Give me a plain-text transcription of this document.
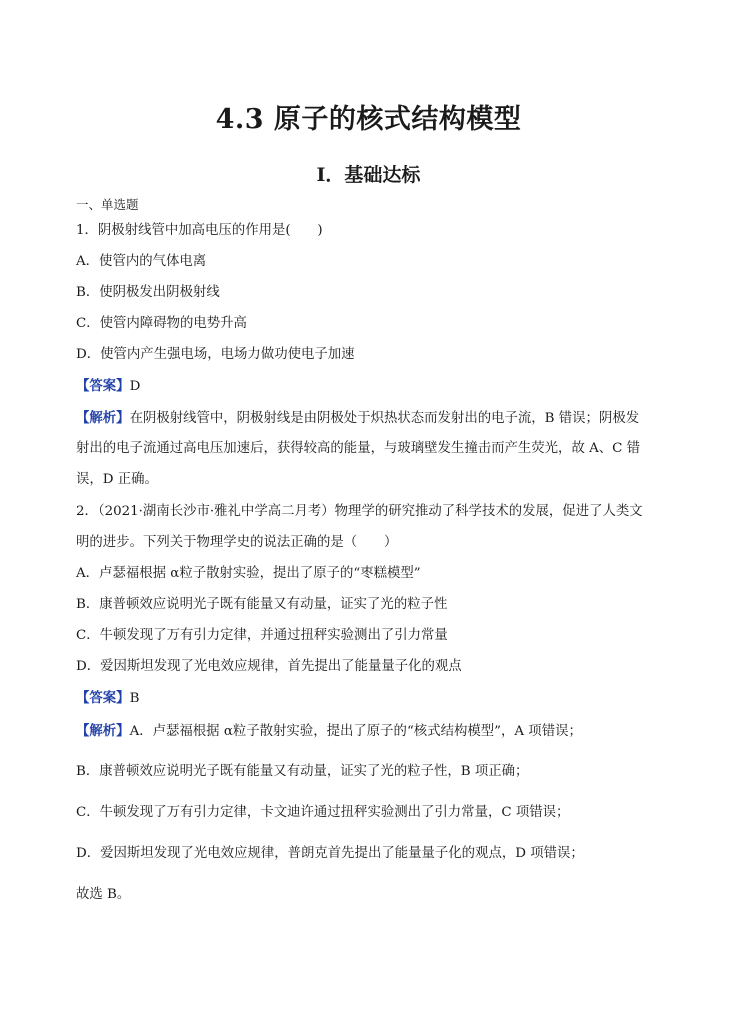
4.3 原子的核式结构模型
Ⅰ．基础达标
一、单选题
1．阴极射线管中加高电压的作用是(　　)
A．使管内的气体电离
B．使阴极发出阴极射线
C．使管内障碍物的电势升高
D．使管内产生强电场，电场力做功使电子加速
【答案】D
【解析】在阴极射线管中，阴极射线是由阴极处于炽热状态而发射出的电子流，B 错误；阴极发
射出的电子流通过高电压加速后，获得较高的能量，与玻璃壁发生撞击而产生荧光，故 A、C 错
误，D 正确。
2．（2021·湖南长沙市·雅礼中学高二月考）物理学的研究推动了科学技术的发展，促进了人类文
明的进步。下列关于物理学史的说法正确的是（　　）
A．卢瑟福根据 α粒子散射实验，提出了原子的“枣糕模型”
B．康普顿效应说明光子既有能量又有动量，证实了光的粒子性
C．牛顿发现了万有引力定律，并通过扭秤实验测出了引力常量
D．爱因斯坦发现了光电效应规律，首先提出了能量量子化的观点
【答案】B
【解析】A．卢瑟福根据 α粒子散射实验，提出了原子的“核式结构模型”，A 项错误；
B．康普顿效应说明光子既有能量又有动量，证实了光的粒子性，B 项正确；
C．牛顿发现了万有引力定律，卡文迪许通过扭秤实验测出了引力常量，C 项错误；
D．爱因斯坦发现了光电效应规律，普朗克首先提出了能量量子化的观点，D 项错误；
故选 B。
